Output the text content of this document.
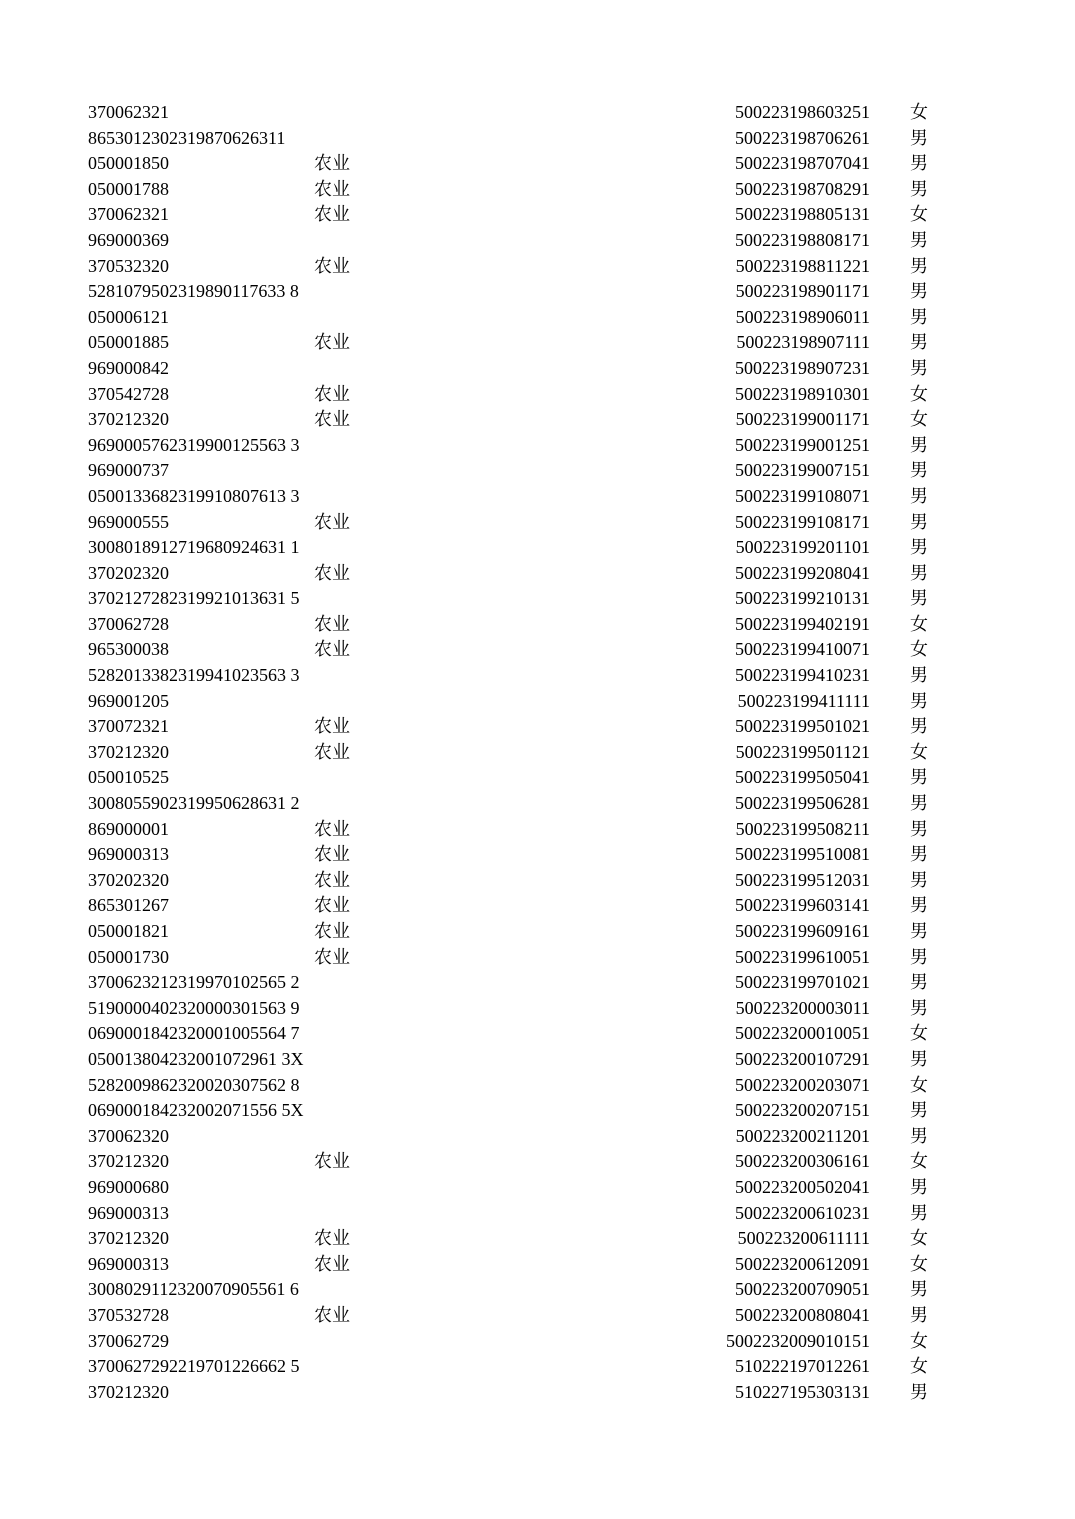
370062321	500223198603251 女
8653012302319870626311	500223198706261 男
050001850	农业	500223198707041 男
050001788	农业	500223198708291 男
370062321	农业	500223198805131 女
969000369	500223198808171 男
370532320	农业	500223198811221 男
5281079502319890117633 8	500223198901171 男
050006121	500223198906011 男
050001885	农业	500223198907111 男
969000842	500223198907231 男
370542728	农业	500223198910301 女
370212320	农业	500223199001171 女
9690005762319900125563 3	500223199001251 男
969000737	500223199007151 男
0500133682319910807613 3	500223199108071 男
969000555	农业	500223199108171 男
3008018912719680924631 1	500223199201101 男
370202320	农业	500223199208041 男
3702127282319921013631 5	500223199210131 男
370062728	农业	500223199402191 女
965300038	农业	500223199410071 女
5282013382319941023563 3	500223199410231 男
969001205	500223199411111 男
370072321	农业	500223199501021 男
370212320	农业	500223199501121 女
050010525	500223199505041 男
3008055902319950628631 2	500223199506281 男
869000001	农业	500223199508211 男
969000313	农业	500223199510081 男
370202320	农业	500223199512031 男
865301267	农业	500223199603141 男
050001821	农业	500223199609161 男
050001730	农业	500223199610051 男
3700623212319970102565 2	500223199701021 男
5190000402320000301563 9	500223200003011 男
0690001842320001005564 7	500223200010051 女
050013804232001072961 3X	500223200107291 男
5282009862320020307562 8	500223200203071 女
069000184232002071556 5X	500223200207151 男
370062320	500223200211201 男
370212320	农业	500223200306161 女
969000680	500223200502041 男
969000313	500223200610231 男
370212320	农业	500223200611111 女
969000313	农业	500223200612091 女
3008029112320070905561 6	500223200709051 男
370532728	农业	500223200808041 男
370062729	5002232009010151 女
3700627292219701226662 5	510222197012261 女
370212320	510227195303131 男
